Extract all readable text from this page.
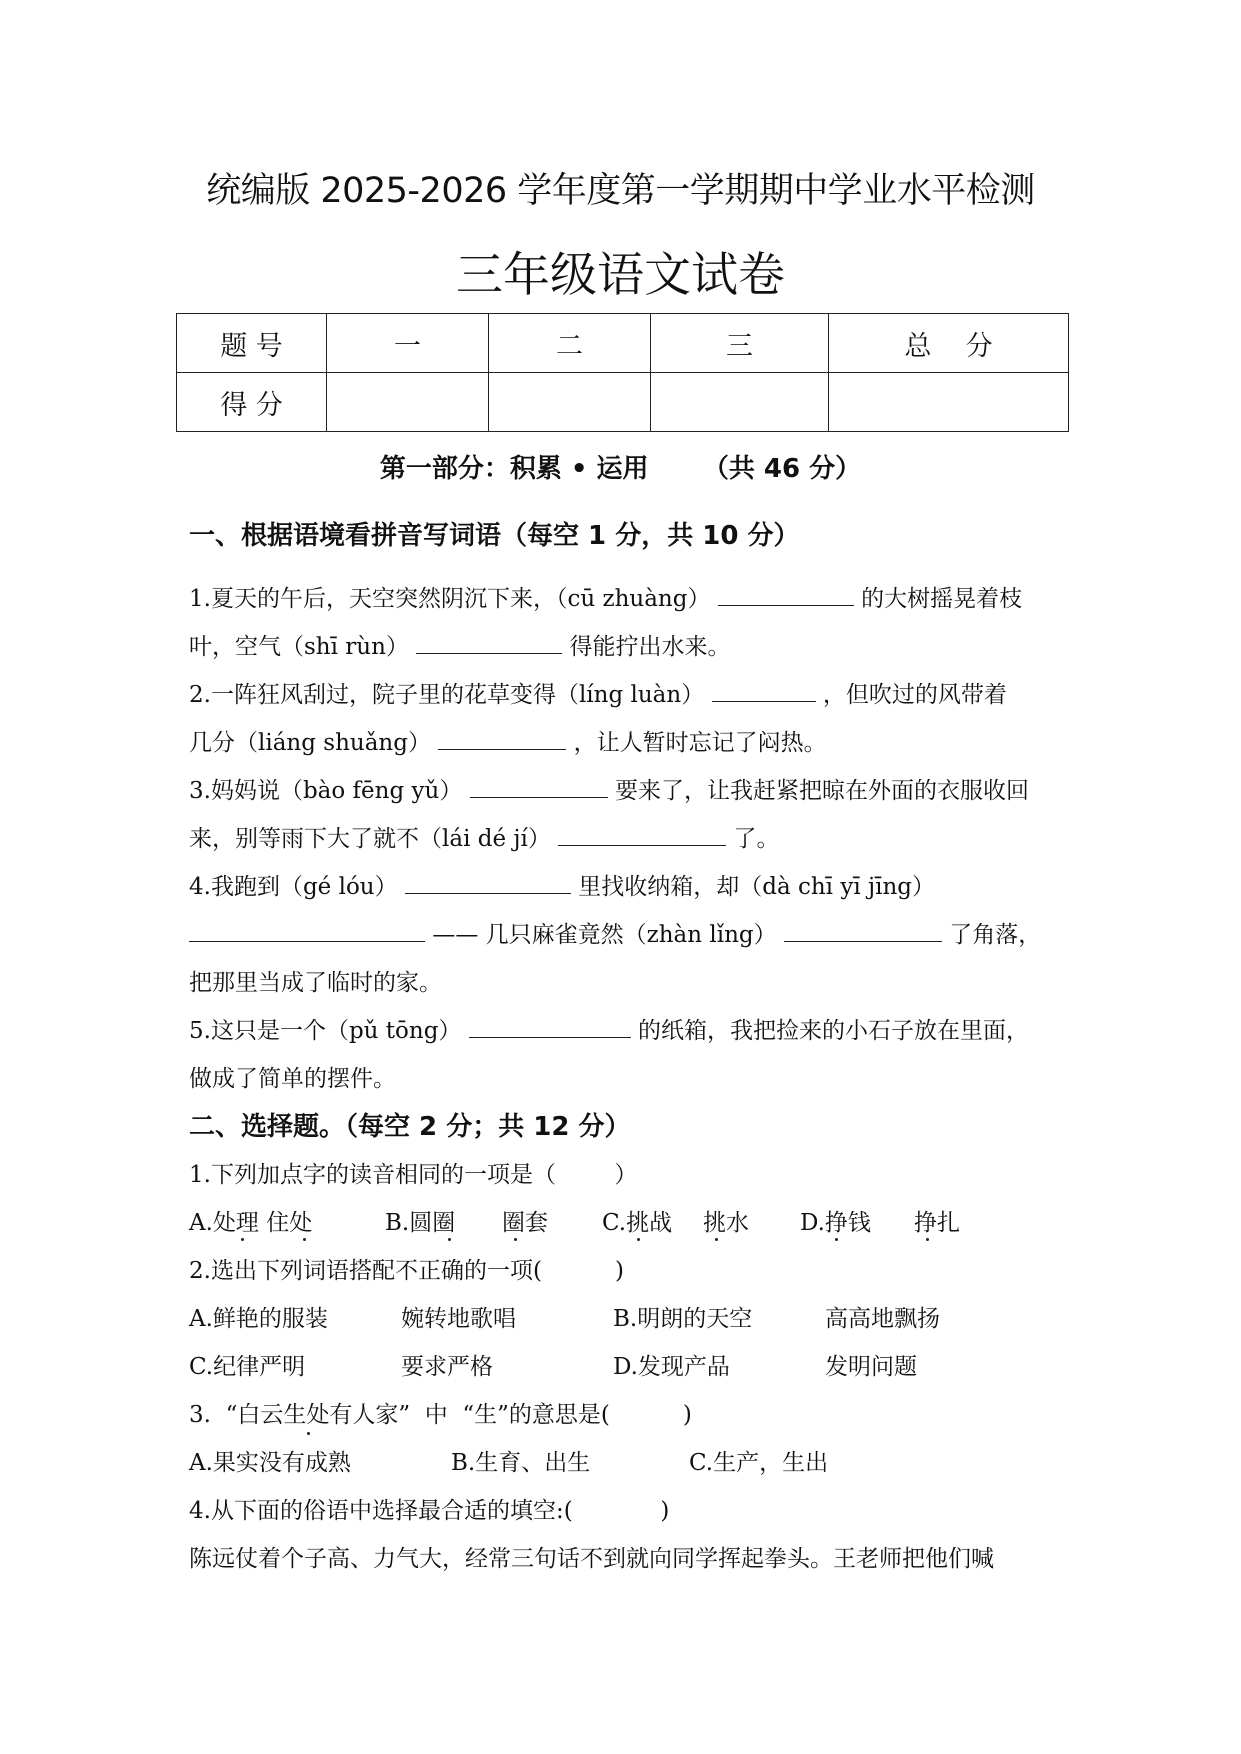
统编版 2025-2026 学年度第一学期期中学业水平检测
三年级语文试卷
题 号	一	二	三	总    分
得 分				
第一部分：积累 • 运用      （共 46 分）
一、根据语境看拼音写词语（每空 1 分，共 10 分）
1.夏天的午后，天空突然阴沉下来，（cū zhuàng）	的大树摇晃着枝
叶，空气（shī rùn）	得能拧出水来。
2.一阵狂风刮过，院子里的花草变得（líng luàn）	，但吹过的风带着
几分（liáng shuǎng）	，让人暂时忘记了闷热。
3.妈妈说（bào fēng yǔ）	要来了，让我赶紧把晾在外面的衣服收回
来，别等雨下大了就不（lái dé jí）	了。
4.我跑到（gé lóu）	里找收纳箱，却（dà chī yī jīng）
—— 几只麻雀竟然（zhàn lǐng）	了角落，
把那里当成了临时的家。
5.这只是一个（pǔ tōng）	的纸箱，我把捡来的小石子放在里面，
做成了简单的摆件。
二、选择题。（每空 2 分；共 12 分）
1.下列加点字的读音相同的一项是（        ）
A.处理 住处	B.圆圈 圈套 C.挑战 挑水 D.挣钱 挣扎
2.选出下列词语搭配不正确的一项(          )
A.鲜艳的服装	婉转地歌唱	B.明朗的天空	高高地飘扬
C.纪律严明	要求严格	D.发现产品	发明问题
3.  “白云生处有人家”  中  “生”的意思是(          )
A.果实没有成熟	B.生育、出生	C.生产，生出
4.从下面的俗语中选择最合适的填空:(            )
陈远仗着个子高、力气大，经常三句话不到就向同学挥起拳头。王老师把他们喊
